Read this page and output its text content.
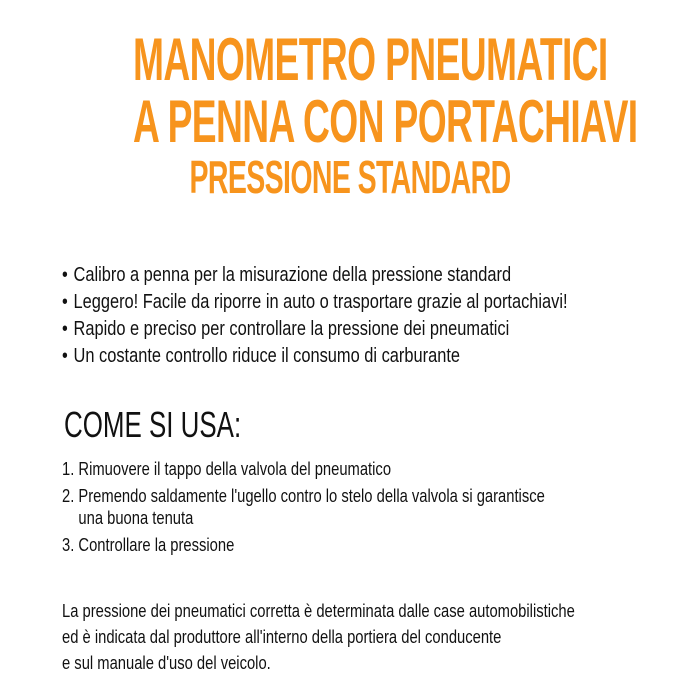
MANOMETRO PNEUMATICI
A PENNA CON PORTACHIAVI
PRESSIONE STANDARD
• Calibro a penna per la misurazione della pressione standard
• Leggero! Facile da riporre in auto o trasportare grazie al portachiavi!
• Rapido e preciso per controllare la pressione dei pneumatici
• Un costante controllo riduce il consumo di carburante
COME SI USA:
1. Rimuovere il tappo della valvola del pneumatico
2. Premendo saldamente l'ugello contro lo stelo della valvola si garantisce
una buona tenuta
3. Controllare la pressione

La pressione dei pneumatici corretta è determinata dalle case automobilistiche
ed è indicata dal produttore all'interno della portiera del conducente
e sul manuale d'uso del veicolo.
